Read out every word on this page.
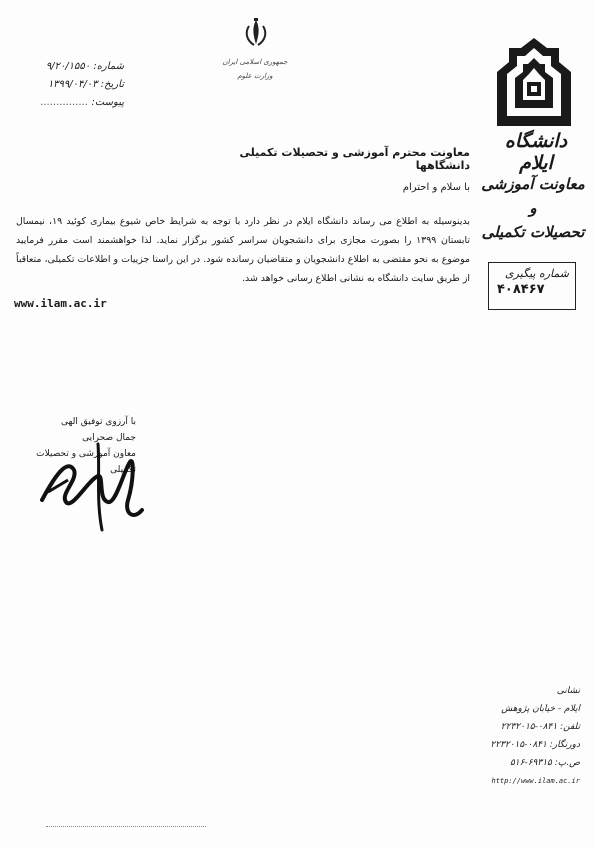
شماره: ۹/۲۰/۱۵۵۰
تاریخ: ۱۳۹۹/۰۴/۰۳
پیوست: ...............
جمهوری اسلامی ایران
وزارت علوم
دانشگاه ایلام
معاونت آموزشی و
تحصیلات تکمیلی
شماره پیگیری
۴۰۸۴۶۷
معاونت محترم آموزشی و تحصیلات تکمیلی دانشگاهها
با سلام و احترام
بدینوسیله به اطلاع می رساند دانشگاه ایلام در نظر دارد با توجه به شرایط خاص شیوع بیماری کوئید ۱۹، نیمسال تابستان ۱۳۹۹ را بصورت مجازی برای دانشجویان سراسر کشور برگزار نماید. لذا خواهشمند است مقرر فرمایید موضوع به نحو مقتضی به اطلاع دانشجویان و متقاضیان رسانده شود. در این راستا جزییات و اطلاعات تکمیلی، متعاقباً از طریق سایت دانشگاه به نشانی اطلاع رسانی خواهد شد.
www.ilam.ac.ir
با آرزوی توفیق الهی
جمال صحرایی
معاون آموزشی و تحصیلات تکمیلی
نشانی
ایلام - خیابان پژوهش
تلفن: ۰۸۴۱-۲۲۳۲۰۱۵
دورنگار: ۰۸۴۱-۲۲۳۲۰۱۵
ص.پ: ۶۹۳۱۵-۵۱۶
http://www.ilam.ac.ir
